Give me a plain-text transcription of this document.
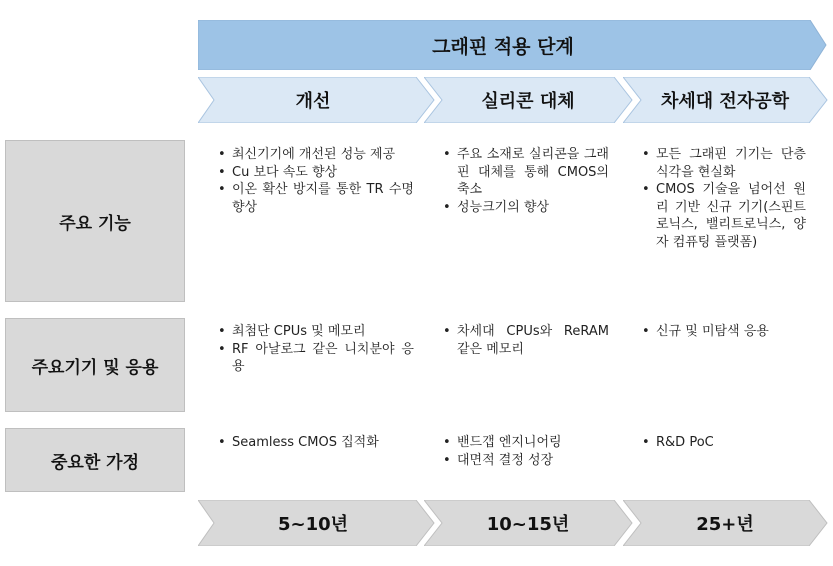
그래핀 적용 단계
개선	실리콘 대체	차세대 전자공학
주요 기능
주요기기 및 응용
중요한 가정
• 최신기기에 개선된 성능 제공
• Cu 보다 속도 향상
• 이온 확산 방지를 통한 TR 수명 향상
• 주요 소재로 실리콘을 그래핀 대체를 통해 CMOS의 축소
• 성능크기의 향상
• 모든 그래핀 기기는 단층 식각을 현실화
• CMOS 기술을 넘어선 원리 기반 신규 기기(스핀트로닉스, 밸리트로닉스, 양자 컴퓨팅 플랫폼)
• 최첨단 CPUs 및 메모리
• RF 아날로그 같은 니치분야 응용
• 차세대 CPUs와 ReRAM 같은 메모리
• 신규 및 미탐색 응용
• Seamless CMOS 집적화
•	밴드갭 엔지니어링
• 대면적 결정 성장
• R&D PoC
5~10년	10~15년	25+년
